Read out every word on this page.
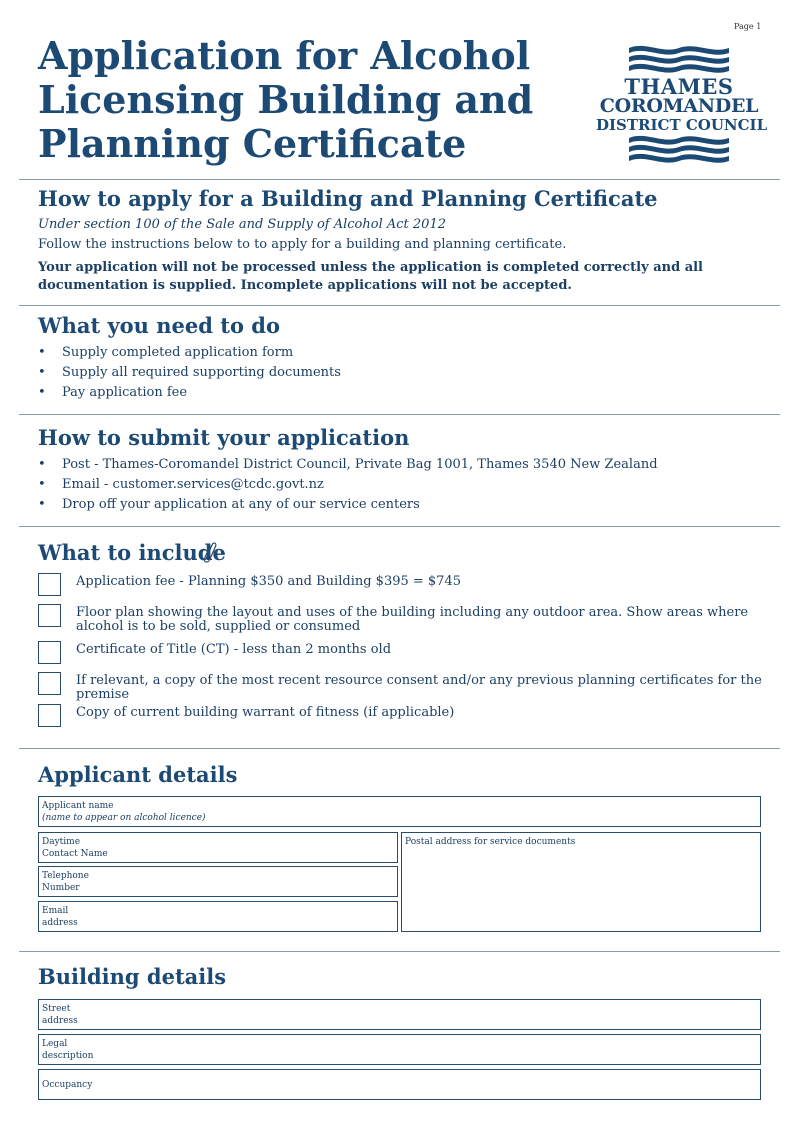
Page 1
Application for Alcohol
Licensing Building and
Planning Certificate
THAMES
COROMANDEL
DISTRICT COUNCIL
How to apply for a Building and Planning Certificate
Under section 100 of the Sale and Supply of Alcohol Act 2012
Follow the instructions below to to apply for a building and planning certificate.
Your application will not be processed unless the application is completed correctly and all documentation is supplied. Incomplete applications will not be accepted.
What you need to do
• Supply completed application form
• Supply all required supporting documents
• Pay application fee
How to submit your application
• Post - Thames-Coromandel District Council, Private Bag 1001, Thames 3540 New Zealand
• Email - customer.services@tcdc.govt.nz
• Drop off your application at any of our service centers
What to include
Application fee - Planning $350 and Building $395 = $745
Floor plan showing the layout and uses of the building including any outdoor area. Show areas where alcohol is to be sold, supplied or consumed
Certificate of Title (CT) - less than 2 months old
If relevant, a copy of the most recent resource consent and/or any previous planning certificates for the premise
Copy of current building warrant of fitness (if applicable)
Applicant details
Applicant name
(name to appear on alcohol licence)
Daytime
Contact Name
Telephone
Number
Email
address
Postal address for service documents
Building details
Street
address
Legal
description
Occupancy
